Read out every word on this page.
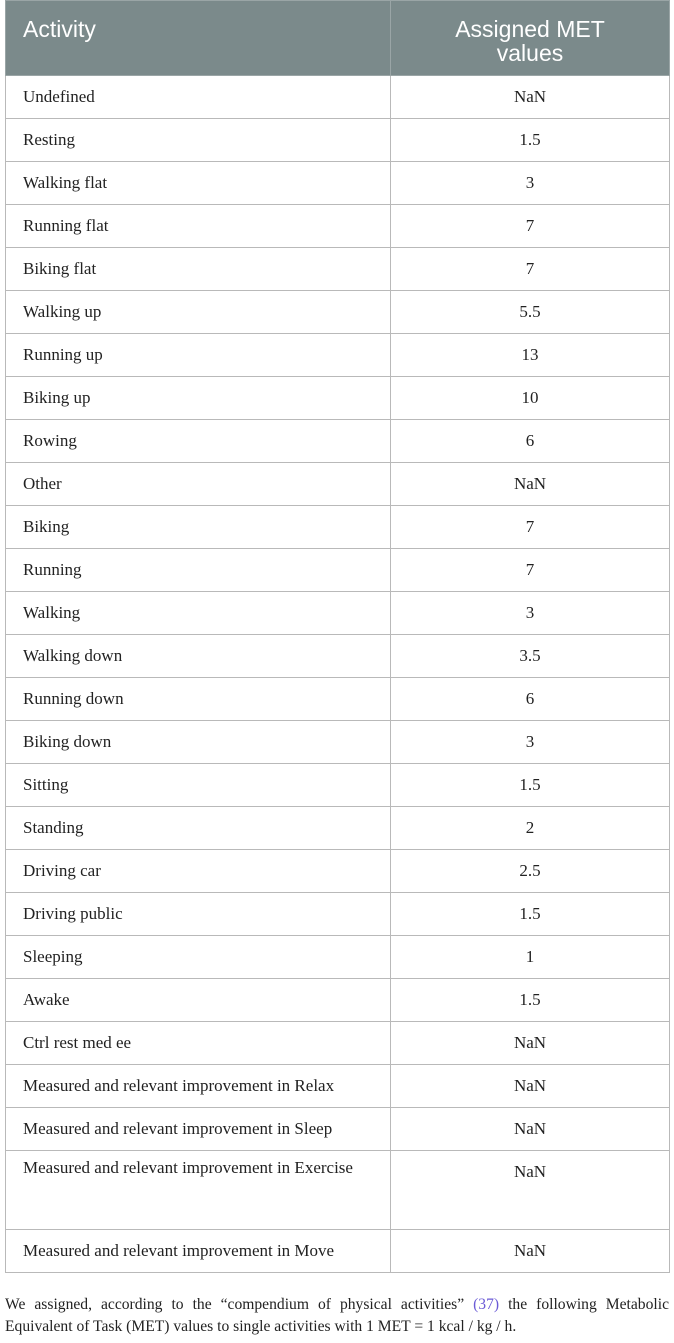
Activity	Assigned MET
values
Undefined	NaN
Resting	1.5
Walking flat	3
Running flat	7
Biking flat	7
Walking up	5.5
Running up	13
Biking up	10
Rowing	6
Other	NaN
Biking	7
Running	7
Walking	3
Walking down	3.5
Running down	6
Biking down	3
Sitting	1.5
Standing	2
Driving car	2.5
Driving public	1.5
Sleeping	1
Awake	1.5
Ctrl rest med ee	NaN
Measured and relevant improvement in Relax	NaN
Measured and relevant improvement in Sleep	NaN
Measured and relevant improvement in Exercise	NaN
Measured and relevant improvement in Move	NaN

We assigned, according to the “compendium of physical activities” (37) the following Metabolic Equivalent of Task (MET) values to single activities with 1 MET = 1 kcal / kg / h.
